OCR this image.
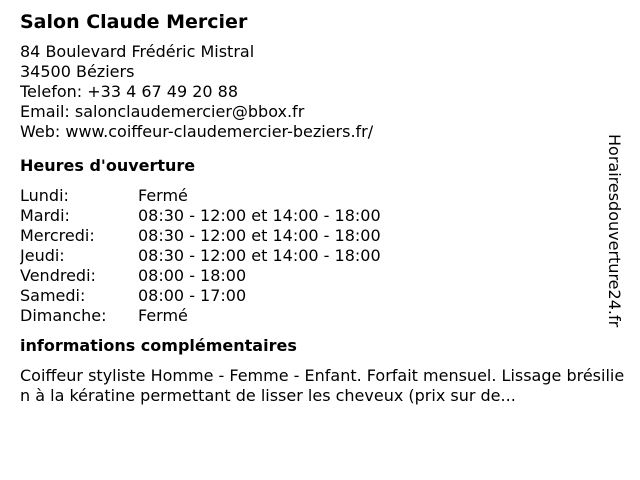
Salon Claude Mercier
84 Boulevard Frédéric Mistral
34500 Béziers
Telefon: +33 4 67 49 20 88
Email: salonclaudemercier@bbox.fr
Web: www.coiffeur-claudemercier-beziers.fr/
Heures d'ouverture
Lundi:	Fermé
Mardi:	08:30 - 12:00 et 14:00 - 18:00
Mercredi:	08:30 - 12:00 et 14:00 - 18:00
Jeudi:	08:30 - 12:00 et 14:00 - 18:00
Vendredi:	08:00 - 18:00
Samedi:	08:00 - 17:00
Dimanche: Fermé
informations complémentaires
Coiffeur styliste Homme - Femme - Enfant. Forfait mensuel. Lissage brésilien à la kératine permettant de lisser les cheveux (prix sur de...
Horairesdouverture24.fr
